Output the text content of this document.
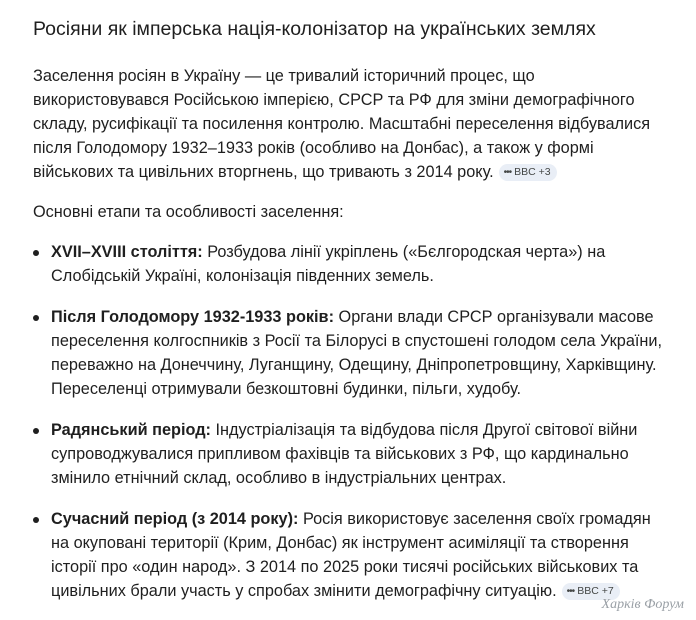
Росіяни як імперська нація-колонізатор на українських землях

Заселення росіян в Україну — це тривалий історичний процес, що використовувався Російською імперією, СРСР та РФ для зміни демографічного складу, русифікації та посилення контролю. Масштабні переселення відбувалися після Голодомору 1932–1933 років (особливо на Донбас), а також у формі військових та цивільних вторгнень, що тривають з 2014 року. ••• BBC +3

Основні етапи та особливості заселення:

XVII–XVIII століття: Розбудова лінії укріплень («Бєлгородская черта») на Слобідській Україні, колонізація південних земель.
Після Голодомору 1932-1933 років: Органи влади СРСР організували масове переселення колгоспників з Росії та Білорусі в спустошені голодом села України, переважно на Донеччину, Луганщину, Одещину, Дніпропетровщину, Харківщину. Переселенці отримували безкоштовні будинки, пільги, худобу.
Радянський період: Індустріалізація та відбудова після Другої світової війни супроводжувалися припливом фахівців та військових з РФ, що кардинально змінило етнічний склад, особливо в індустріальних центрах.
Сучасний період (з 2014 року): Росія використовує заселення своїх громадян на окуповані території (Крим, Донбас) як інструмент асиміляції та створення історії про «один народ». З 2014 по 2025 роки тисячі російських військових та цивільних брали участь у спробах змінити демографічну ситуацію. ••• BBC +7
Харків Форум
